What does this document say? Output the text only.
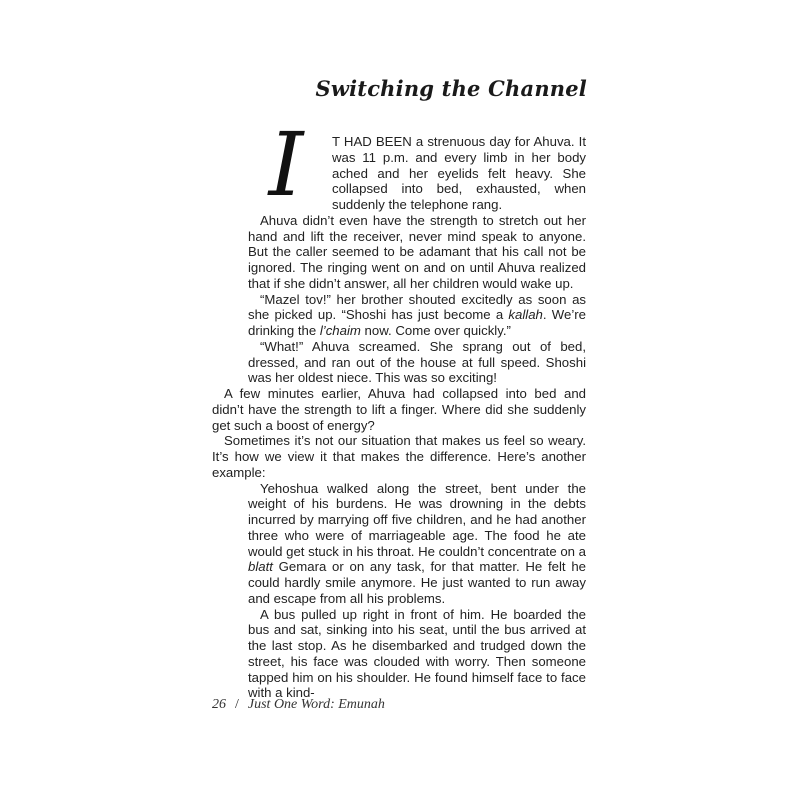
Switching the Channel

I	T HAD BEEN a strenuous day for Ahuva. It was 11 p.m. and every limb in her body ached and her eyelids felt heavy. She collapsed into bed, exhausted, when suddenly the telephone rang.

Ahuva didn’t even have the strength to stretch out her hand and lift the receiver, never mind speak to anyone. But the caller seemed to be adamant that his call not be ignored. The ringing went on and on until Ahuva realized that if she didn’t answer, all her children would wake up.

“Mazel tov!” her brother shouted excitedly as soon as she picked up. “Shoshi has just become a kallah. We’re drinking the l’chaim now. Come over quickly.”

“What!” Ahuva screamed. She sprang out of bed, dressed, and ran out of the house at full speed. Shoshi was her oldest niece. This was so exciting!

A few minutes earlier, Ahuva had collapsed into bed and didn’t have the strength to lift a finger. Where did she suddenly get such a boost of energy?

Sometimes it’s not our situation that makes us feel so weary. It’s how we view it that makes the difference. Here’s another example:

Yehoshua walked along the street, bent under the weight of his burdens. He was drowning in the debts incurred by marrying off five children, and he had another three who were of marriageable age. The food he ate would get stuck in his throat. He couldn’t concentrate on a blatt Gemara or on any task, for that matter. He felt he could hardly smile anymore. He just wanted to run away and escape from all his problems.

A bus pulled up right in front of him. He boarded the bus and sat, sinking into his seat, until the bus arrived at the last stop. As he disembarked and trudged down the street, his face was clouded with worry. Then someone tapped him on his shoulder. He found himself face to face with a kind-

26 / Just One Word: Emunah
